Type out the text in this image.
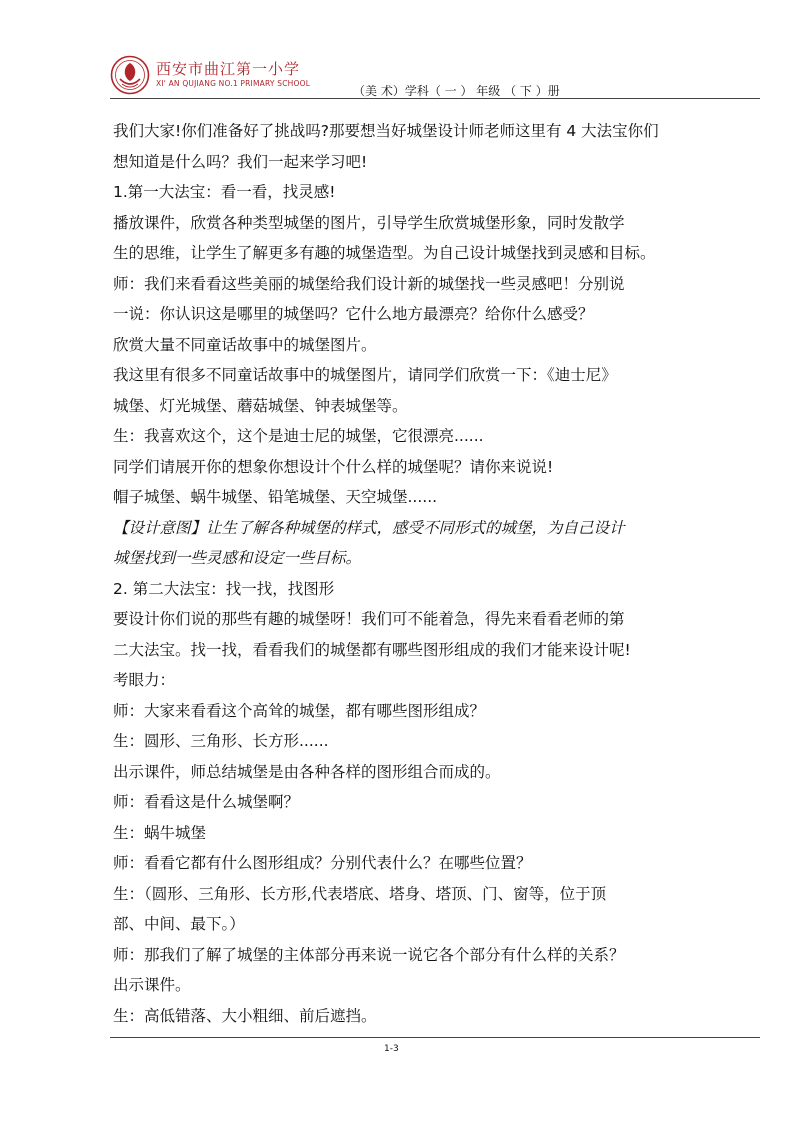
西安市曲江第一小学
XI' AN QUJIANG NO.1 PRIMARY SCHOOL
（美 术）学科（ 一 ） 年级 （ 下 ）册

我们大家!你们准备好了挑战吗?那要想当好城堡设计师老师这里有 4 大法宝你们

想知道是什么吗？我们一起来学习吧!

1.第一大法宝：看一看，找灵感!

播放课件，欣赏各种类型城堡的图片，引导学生欣赏城堡形象，同时发散学

生的思维，让学生了解更多有趣的城堡造型。为自己设计城堡找到灵感和目标。

师：我们来看看这些美丽的城堡给我们设计新的城堡找一些灵感吧！分别说

一说：你认识这是哪里的城堡吗？它什么地方最漂亮？给你什么感受？

欣赏大量不同童话故事中的城堡图片。

我这里有很多不同童话故事中的城堡图片，请同学们欣赏一下：《迪士尼》

城堡、灯光城堡、蘑菇城堡、钟表城堡等。

生：我喜欢这个，这个是迪士尼的城堡，它很漂亮......

同学们请展开你的想象你想设计个什么样的城堡呢？请你来说说!

帽子城堡、蜗牛城堡、铅笔城堡、天空城堡......

【设计意图】让生了解各种城堡的样式，感受不同形式的城堡，为自己设计

城堡找到一些灵感和设定一些目标。

2. 第二大法宝：找一找，找图形

要设计你们说的那些有趣的城堡呀！我们可不能着急，得先来看看老师的第

二大法宝。找一找，看看我们的城堡都有哪些图形组成的我们才能来设计呢!

考眼力：

师：大家来看看这个高耸的城堡，都有哪些图形组成？

生：圆形、三角形、长方形......

出示课件，师总结城堡是由各种各样的图形组合而成的。

师：看看这是什么城堡啊？

生：蜗牛城堡

师：看看它都有什么图形组成？分别代表什么？在哪些位置？

生：（圆形、三角形、长方形,代表塔底、塔身、塔顶、门、窗等，位于顶

部、中间、最下。）

师：那我们了解了城堡的主体部分再来说一说它各个部分有什么样的关系？

出示课件。

生：高低错落、大小粗细、前后遮挡。

1-3
